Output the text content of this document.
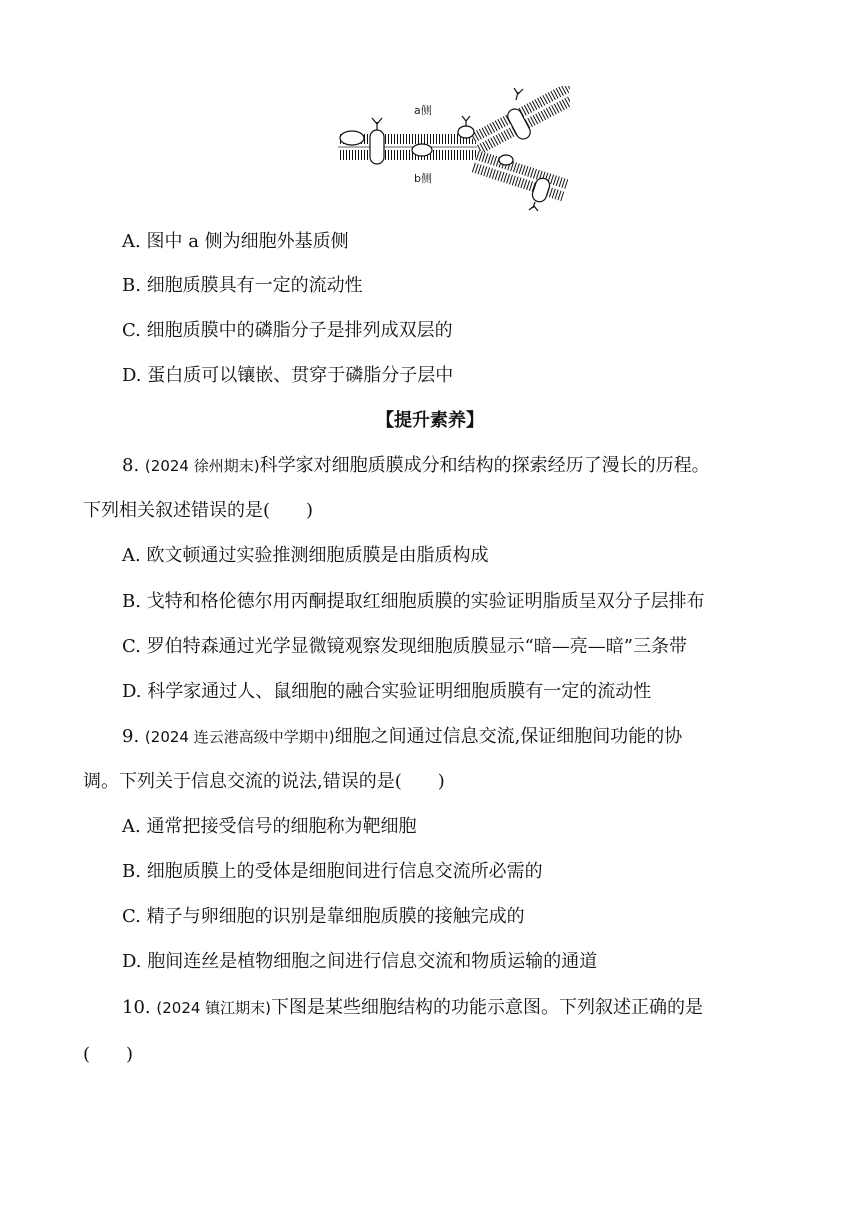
a侧
b侧
A. 图中 a 侧为细胞外基质侧
B. 细胞质膜具有一定的流动性
C. 细胞质膜中的磷脂分子是排列成双层的
D. 蛋白质可以镶嵌、贯穿于磷脂分子层中
【提升素养】
8. (2024 徐州期末)科学家对细胞质膜成分和结构的探索经历了漫长的历程。
下列相关叙述错误的是(　　)
A. 欧文顿通过实验推测细胞质膜是由脂质构成
B. 戈特和格伦德尔用丙酮提取红细胞质膜的实验证明脂质呈双分子层排布
C. 罗伯特森通过光学显微镜观察发现细胞质膜显示“暗—亮—暗”三条带
D. 科学家通过人、鼠细胞的融合实验证明细胞质膜有一定的流动性
9. (2024 连云港高级中学期中)细胞之间通过信息交流,保证细胞间功能的协
调。下列关于信息交流的说法,错误的是(　　)
A. 通常把接受信号的细胞称为靶细胞
B. 细胞质膜上的受体是细胞间进行信息交流所必需的
C. 精子与卵细胞的识别是靠细胞质膜的接触完成的
D. 胞间连丝是植物细胞之间进行信息交流和物质运输的通道
10. (2024 镇江期末)下图是某些细胞结构的功能示意图。下列叙述正确的是
(　　)
